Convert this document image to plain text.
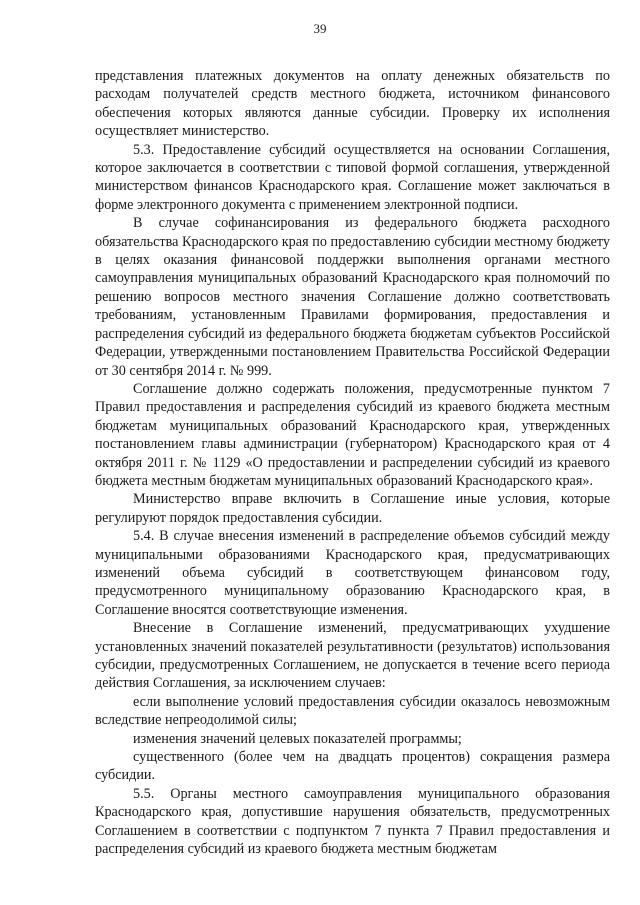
39

представления платежных документов на оплату денежных обязательств по расходам получателей средств местного бюджета, источником финансового обеспечения которых являются данные субсидии. Проверку их исполнения осуществляет министерство.

5.3. Предоставление субсидий осуществляется на основании Соглашения, которое заключается в соответствии с типовой формой соглашения, утвержденной министерством финансов Краснодарского края. Соглашение может заключаться в форме электронного документа с применением электронной подписи.

В случае софинансирования из федерального бюджета расходного обязательства Краснодарского края по предоставлению субсидии местному бюджету в целях оказания финансовой поддержки выполнения органами местного самоуправления муниципальных образований Краснодарского края полномочий по решению вопросов местного значения Соглашение должно соответствовать требованиям, установленным Правилами формирования, предоставления и распределения субсидий из федерального бюджета бюджетам субъектов Российской Федерации, утвержденными постановлением Правительства Российской Федерации от 30 сентября 2014 г. № 999.

Соглашение должно содержать положения, предусмотренные пунктом 7 Правил предоставления и распределения субсидий из краевого бюджета местным бюджетам муниципальных образований Краснодарского края, утвержденных постановлением главы администрации (губернатором) Краснодарского края от 4 октября 2011 г. № 1129 «О предоставлении и распределении субсидий из краевого бюджета местным бюджетам муниципальных образований Краснодарского края».

Министерство вправе включить в Соглашение иные условия, которые регулируют порядок предоставления субсидии.

5.4. В случае внесения изменений в распределение объемов субсидий между муниципальными образованиями Краснодарского края, предусматривающих изменений объема субсидий в соответствующем финансовом году, предусмотренного муниципальному образованию Краснодарского края, в Соглашение вносятся соответствующие изменения.

Внесение в Соглашение изменений, предусматривающих ухудшение установленных значений показателей результативности (результатов) использования субсидии, предусмотренных Соглашением, не допускается в течение всего периода действия Соглашения, за исключением случаев:

если выполнение условий предоставления субсидии оказалось невозможным вследствие непреодолимой силы;

изменения значений целевых показателей программы;

существенного (более чем на двадцать процентов) сокращения размера субсидии.

5.5. Органы местного самоуправления муниципального образования Краснодарского края, допустившие нарушения обязательств, предусмотренных Соглашением в соответствии с подпунктом 7 пункта 7 Правил предоставления и распределения субсидий из краевого бюджета местным бюджетам
